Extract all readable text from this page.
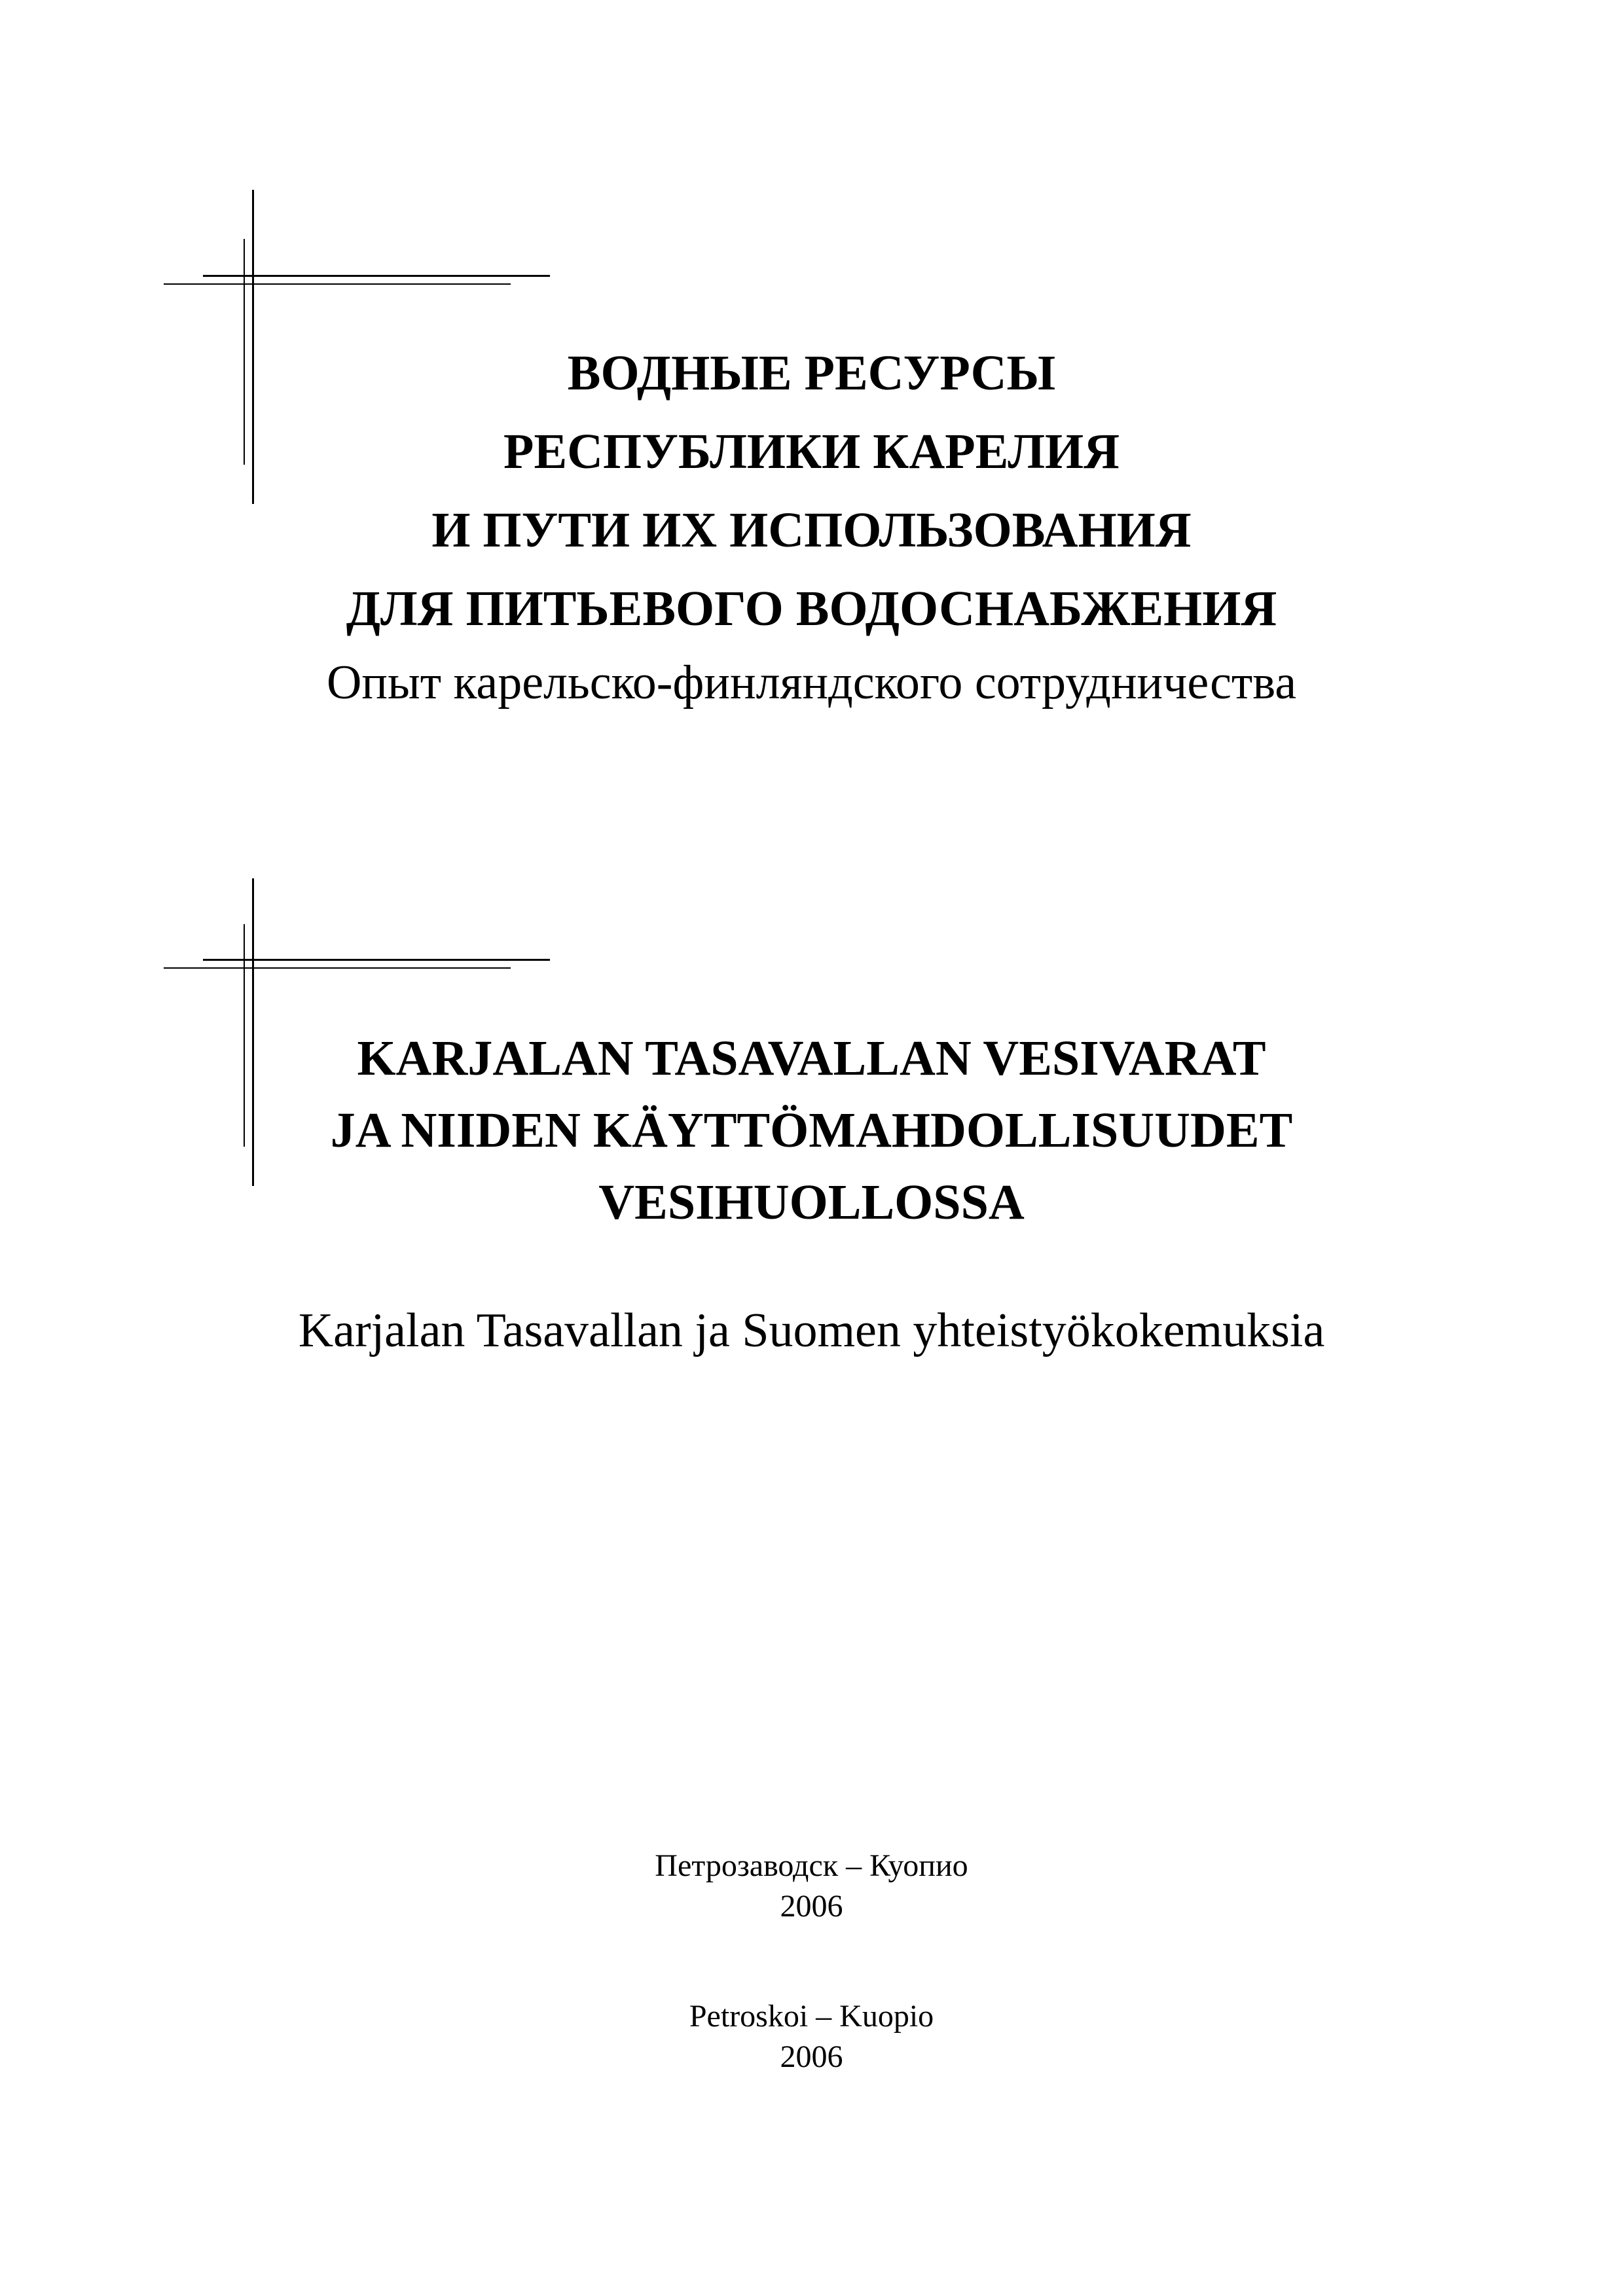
ВОДНЫЕ РЕСУРСЫ
РЕСПУБЛИКИ КАРЕЛИЯ
И ПУТИ ИХ ИСПОЛЬЗОВАНИЯ
ДЛЯ ПИТЬЕВОГО ВОДОСНАБЖЕНИЯ
Опыт карельско-финляндского сотрудничества
KARJALAN TASAVALLAN VESIVARAT
JA NIIDEN KÄYTTÖMAHDOLLISUUDET
VESIHUOLLOSSA
Karjalan Tasavallan ja Suomen yhteistyökokemuksia
Петрозаводск – Куопио
2006
Petroskoi – Kuopio
2006
